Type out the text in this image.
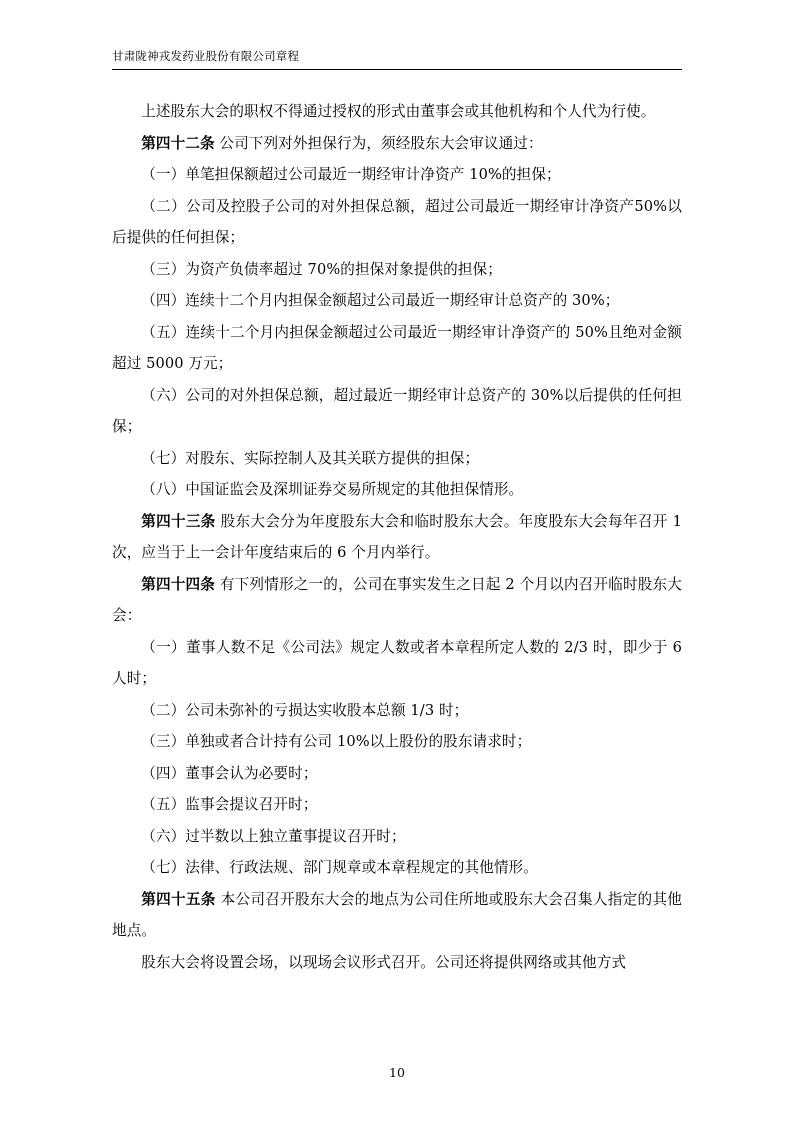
甘肃陇神戎发药业股份有限公司章程

上述股东大会的职权不得通过授权的形式由董事会或其他机构和个人代为行使。

第四十二条 公司下列对外担保行为，须经股东大会审议通过：

（一）单笔担保额超过公司最近一期经审计净资产 10%的担保；

（二）公司及控股子公司的对外担保总额，超过公司最近一期经审计净资产50%以后提供的任何担保；

（三）为资产负债率超过 70%的担保对象提供的担保；

（四）连续十二个月内担保金额超过公司最近一期经审计总资产的 30%；

（五）连续十二个月内担保金额超过公司最近一期经审计净资产的 50%且绝对金额超过 5000 万元；

（六）公司的对外担保总额，超过最近一期经审计总资产的 30%以后提供的任何担保；

（七）对股东、实际控制人及其关联方提供的担保；

（八）中国证监会及深圳证券交易所规定的其他担保情形。

第四十三条 股东大会分为年度股东大会和临时股东大会。年度股东大会每年召开 1 次，应当于上一会计年度结束后的 6 个月内举行。

第四十四条 有下列情形之一的，公司在事实发生之日起 2 个月以内召开临时股东大会：

（一）董事人数不足《公司法》规定人数或者本章程所定人数的 2/3 时，即少于 6 人时；

（二）公司未弥补的亏损达实收股本总额 1/3 时；

（三）单独或者合计持有公司 10%以上股份的股东请求时；

（四）董事会认为必要时；

（五）监事会提议召开时；

（六）过半数以上独立董事提议召开时；

（七）法律、行政法规、部门规章或本章程规定的其他情形。

第四十五条 本公司召开股东大会的地点为公司住所地或股东大会召集人指定的其他地点。

股东大会将设置会场，以现场会议形式召开。公司还将提供网络或其他方式

10
